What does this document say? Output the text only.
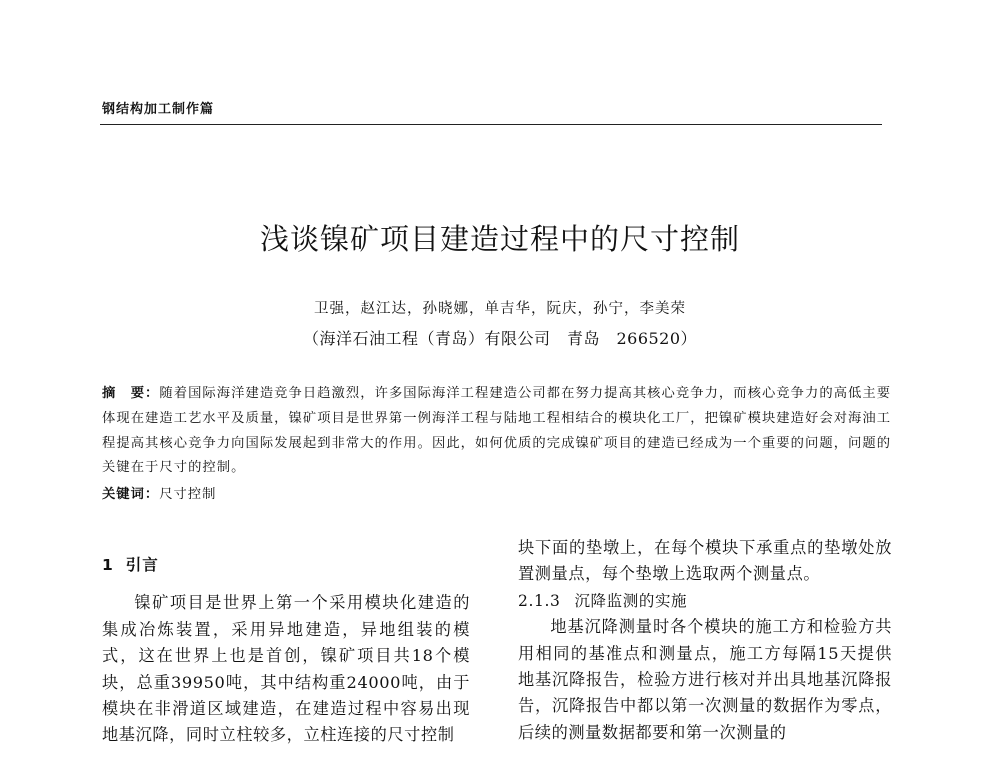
钢结构加工制作篇
浅谈镍矿项目建造过程中的尺寸控制
卫强，赵江达，孙晓娜，单吉华，阮庆，孙宁，李美荣
（海洋石油工程（青岛）有限公司　青岛　266520）
摘　要：随着国际海洋建造竞争日趋激烈，许多国际海洋工程建造公司都在努力提高其核心竞争力，而核心竞争力的高低主要体现在建造工艺水平及质量，镍矿项目是世界第一例海洋工程与陆地工程相结合的模块化工厂，把镍矿模块建造好会对海油工程提高其核心竞争力向国际发展起到非常大的作用。因此，如何优质的完成镍矿项目的建造已经成为一个重要的问题，问题的关键在于尺寸的控制。
关键词：尺寸控制
1 引言

镍矿项目是世界上第一个采用模块化建造的集成冶炼装置，采用异地建造，异地组装的模式，这在世界上也是首创，镍矿项目共18个模块，总重39950吨，其中结构重24000吨，由于模块在非滑道区域建造，在建造过程中容易出现地基沉降，同时立柱较多，立柱连接的尺寸控制

块下面的垫墩上，在每个模块下承重点的垫墩处放置测量点，每个垫墩上选取两个测量点。

2.1.3 沉降监测的实施

地基沉降测量时各个模块的施工方和检验方共用相同的基准点和测量点，施工方每隔15天提供地基沉降报告，检验方进行核对并出具地基沉降报告，沉降报告中都以第一次测量的数据作为零点，后续的测量数据都要和第一次测量的
